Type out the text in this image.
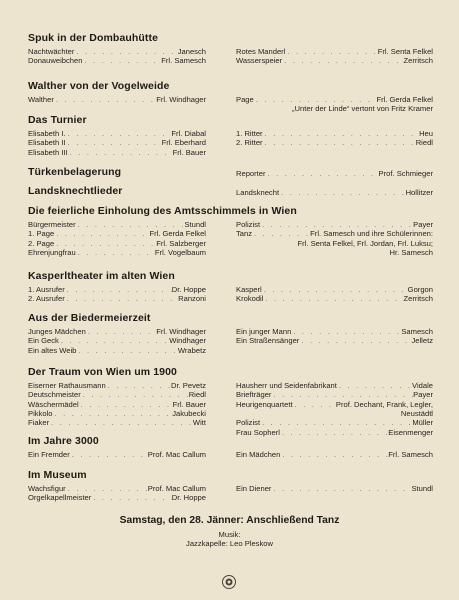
Spuk in der Dombauhütte
Nachtwächter . . .	Janesch
Donauweibchen . . .	Frl. Samesch
Rotes Manderl . . .	Frl. Senta Felkel
Wasserspeier . . .	Zerritsch
Walther von der Vogelweide
Walther . . .	Frl. Windhager	Page . . .	Frl. Gerda Felkel
„Unter der Linde“ vertont von Fritz Kramer
Das Turnier
Elisabeth I. . . .	Frl. Diabal
Elisabeth II . . .	Frl. Eberhard
Elisabeth III . . .	Frl. Bauer
1. Ritter . . .	Heu
2. Ritter . . .	Riedl
Türkenbelagerung	Reporter . . .	Prof. Schmieger
Landsknechtlieder	Landsknecht . . .	Hollitzer
Die feierliche Einholung des Amtsschimmels in Wien
Bürgermeister . . .	Stundl
1. Page . . .	Frl. Gerda Felkel
2. Page . . .	Frl. Salzberger
Ehrenjungfrau . . .	Frl. Vogelbaum
Polizist . . .	Payer
Tanz . . .	Frl. Samesch und ihre Schülerinnen:
Frl. Senta Felkel, Frl. Jordan, Frl. Luksu;
Hr. Samesch
Kasperltheater im alten Wien
1. Ausrufer . . .	Dr. Hoppe
2. Ausrufer . . .	Ranzoni
Kasperl . . .	Gorgon
Krokodil . . .	Zerritsch
Aus der Biedermeierzeit
Junges Mädchen . . .	Frl. Windhager
Ein Geck . . .	Windhager
Ein altes Weib . . .	Wrabetz
Ein junger Mann . . .	Samesch
Ein Straßensänger . . .	Jelletz
Der Traum von Wien um 1900
Eiserner Rathausmann . . .	Dr. Pevetz
Deutschmeister . . .	Riedl
Wäschermädel . . .	Frl. Bauer
Pikkolo . . .	Jakubecki
Fiaker . . .	Witt
Hausherr und Seidenfabrikant . . .	Vidale
Briefträger . . .	Payer
Heurigenquartett . . .	Prof. Dechant, Frank, Legler,
Neustädtl
Polizist . . .	Müller
Frau Sopherl . . .	Eisenmenger
Im Jahre 3000
Ein Fremder . . .	Prof. Mac Callum	Ein Mädchen . . .	Frl. Samesch
Im Museum
Wachsfigur . . .	Prof. Mac Callum
Orgelkapellmeister . . .	Dr. Hoppe
Ein Diener . . .	Stundl
Samstag, den 28. Jänner: Anschließend Tanz
Musik:
Jazzkapelle: Leo Pleskow
